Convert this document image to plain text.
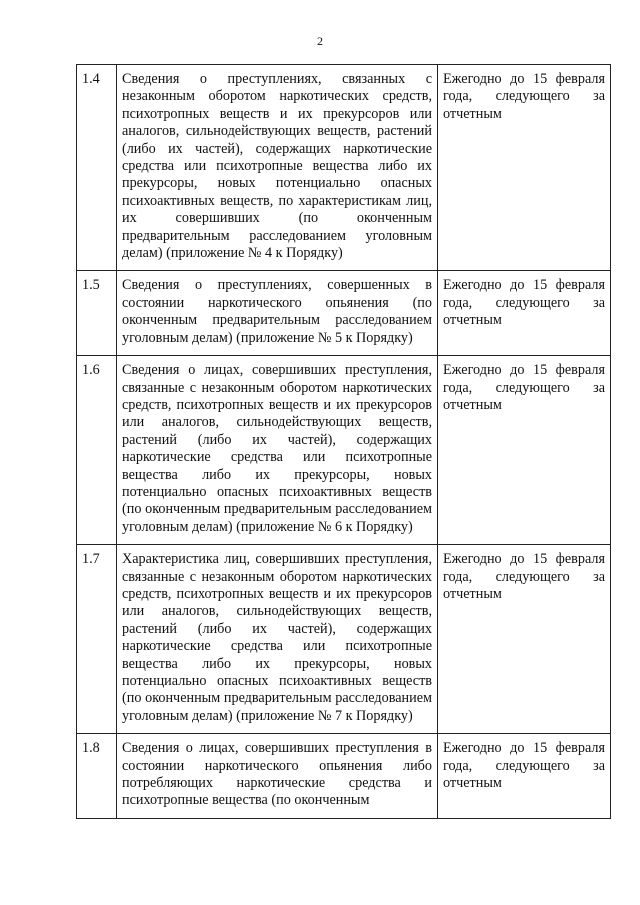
2
1.4	Сведения о преступлениях, связанных с незаконным оборотом наркотических средств, психотропных веществ и их прекурсоров или аналогов, сильнодействующих веществ, растений (либо их частей), содержащих наркотические средства или психотропные вещества либо их прекурсоры, новых потенциально опасных психоактивных веществ, по характеристикам лиц, их совершивших (по оконченным предварительным расследованием уголовным делам) (приложение № 4 к Порядку)	Ежегодно до 15 февраля года, следующего за отчетным
1.5	Сведения о преступлениях, совершенных в состоянии наркотического опьянения (по оконченным предварительным расследованием уголовным делам) (приложение № 5 к Порядку)	Ежегодно до 15 февраля года, следующего за отчетным
1.6	Сведения о лицах, совершивших преступления, связанные с незаконным оборотом наркотических средств, психотропных веществ и их прекурсоров или аналогов, сильнодействующих веществ, растений (либо их частей), содержащих наркотические средства или психотропные вещества либо их прекурсоры, новых потенциально опасных психоактивных веществ (по оконченным предварительным расследованием уголовным делам) (приложение № 6 к Порядку)	Ежегодно до 15 февраля года, следующего за отчетным
1.7	Характеристика лиц, совершивших преступления, связанные с незаконным оборотом наркотических средств, психотропных веществ и их прекурсоров или аналогов, сильнодействующих веществ, растений (либо их частей), содержащих наркотические средства или психотропные вещества либо их прекурсоры, новых потенциально опасных психоактивных веществ (по оконченным предварительным расследованием уголовным делам) (приложение № 7 к Порядку)	Ежегодно до 15 февраля года, следующего за отчетным
1.8	Сведения о лицах, совершивших преступления в состоянии наркотического опьянения либо потребляющих наркотические средства и психотропные вещества (по оконченным	Ежегодно до 15 февраля года, следующего за отчетным
